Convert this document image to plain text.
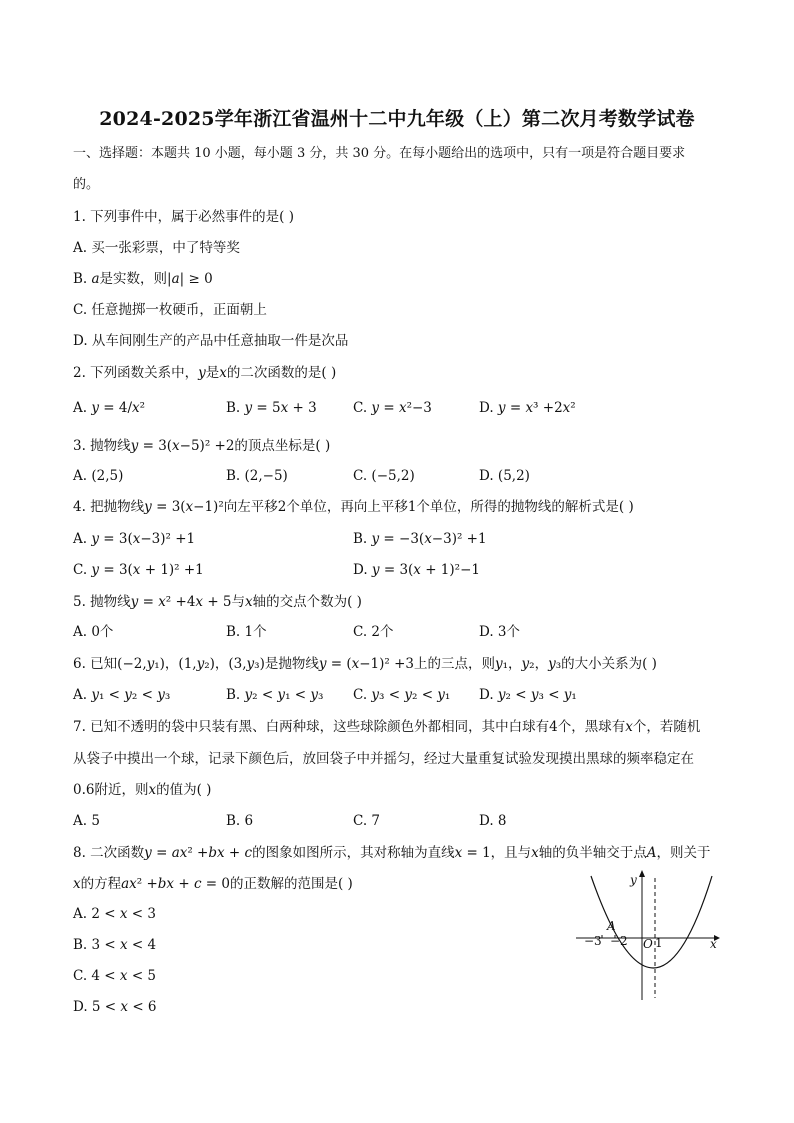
2024-2025学年浙江省温州十二中九年级（上）第二次月考数学试卷
一、选择题：本题共 10 小题，每小题 3 分，共 30 分。在每小题给出的选项中，只有一项是符合题目要求
的。
1. 下列事件中，属于必然事件的是( )
A. 买一张彩票，中了特等奖
B. 𝑎是实数，则|𝑎| ≥ 0
C. 任意抛掷一枚硬币，正面朝上
D. 从车间刚生产的产品中任意抽取一件是次品
2. 下列函数关系中，𝑦是𝑥的二次函数的是( )
A. 𝑦 = 4/𝑥²	B. 𝑦 = 5𝑥 + 3	C. 𝑦 = 𝑥²−3	D. 𝑦 = 𝑥³ +2𝑥²
3. 抛物线𝑦 = 3(𝑥−5)² +2的顶点坐标是( )
A. (2,5)	B. (2,−5)	C. (−5,2)	D. (5,2)
4. 把抛物线𝑦 = 3(𝑥−1)²向左平移2个单位，再向上平移1个单位，所得的抛物线的解析式是( )
A. 𝑦 = 3(𝑥−3)² +1	B. 𝑦 = −3(𝑥−3)² +1
C. 𝑦 = 3(𝑥 + 1)² +1	D. 𝑦 = 3(𝑥 + 1)²−1
5. 抛物线𝑦 = 𝑥² +4𝑥 + 5与𝑥轴的交点个数为( )
A. 0个	B. 1个	C. 2个	D. 3个
6. 已知(−2,𝑦₁)，(1,𝑦₂)，(3,𝑦₃)是抛物线𝑦 = (𝑥−1)² +3上的三点，则𝑦₁，𝑦₂，𝑦₃的大小关系为( )
A. 𝑦₁ < 𝑦₂ < 𝑦₃	B. 𝑦₂ < 𝑦₁ < 𝑦₃ C. 𝑦₃ < 𝑦₂ < 𝑦₁ D. 𝑦₂ < 𝑦₃ < 𝑦₁
7. 已知不透明的袋中只装有黑、白两种球，这些球除颜色外都相同，其中白球有4个，黑球有𝑥个，若随机
从袋子中摸出一个球，记录下颜色后，放回袋子中并摇匀，经过大量重复试验发现摸出黑球的频率稳定在
0.6附近，则𝑥的值为( )
A. 5	B. 6	C. 7	D. 8
8. 二次函数𝑦 = 𝑎𝑥² +𝑏𝑥 + 𝑐的图象如图所示，其对称轴为直线𝑥 = 1，且与𝑥轴的负半轴交于点𝐴，则关于
𝑥的方程𝑎𝑥² +𝑏𝑥 + 𝑐 = 0的正数解的范围是( )
A. 2 < 𝑥 < 3
B. 3 < 𝑥 < 4
C. 4 < 𝑥 < 5
D. 5 < 𝑥 < 6
y
x
O
A
−3 −2 1
